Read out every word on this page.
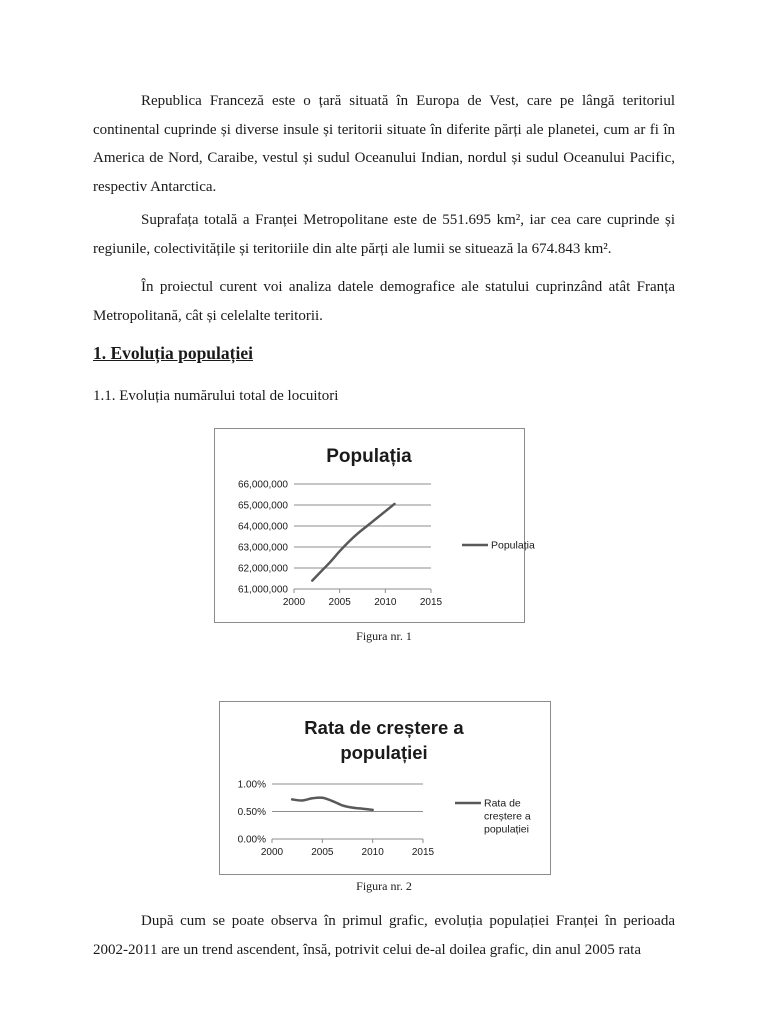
Republica Franceză este o țară situată în Europa de Vest, care pe lângă teritoriul continental cuprinde și diverse insule și teritorii situate în diferite părți ale planetei, cum ar fi în America de Nord, Caraibe, vestul și sudul Oceanului Indian, nordul și sudul Oceanului Pacific, respectiv Antarctica.

Suprafața totală a Franței Metropolitane este de 551.695 km², iar cea care cuprinde și regiunile, colectivitățile și teritoriile din alte părți ale lumii se situează la 674.843 km².

În proiectul curent voi analiza datele demografice ale statului cuprinzând atât Franța Metropolitană, cât și celelalte teritorii.

1. Evoluția populației

1.1. Evoluția numărului total de locuitori

Populația
61,000,000
62,000,000
63,000,000
64,000,000
65,000,000
66,000,000
2000 2005 2010 2015
Populația

Figura nr. 1

Rata de creștere a
populației
0.00%
0.50%
1.00%
2000	2005	2010	2015
Rata de
creștere a
populației

Figura nr. 2

După cum se poate observa în primul grafic, evoluția populației Franței în perioada 2002-2011 are un trend ascendent, însă, potrivit celui de-al doilea grafic, din anul 2005 rata
